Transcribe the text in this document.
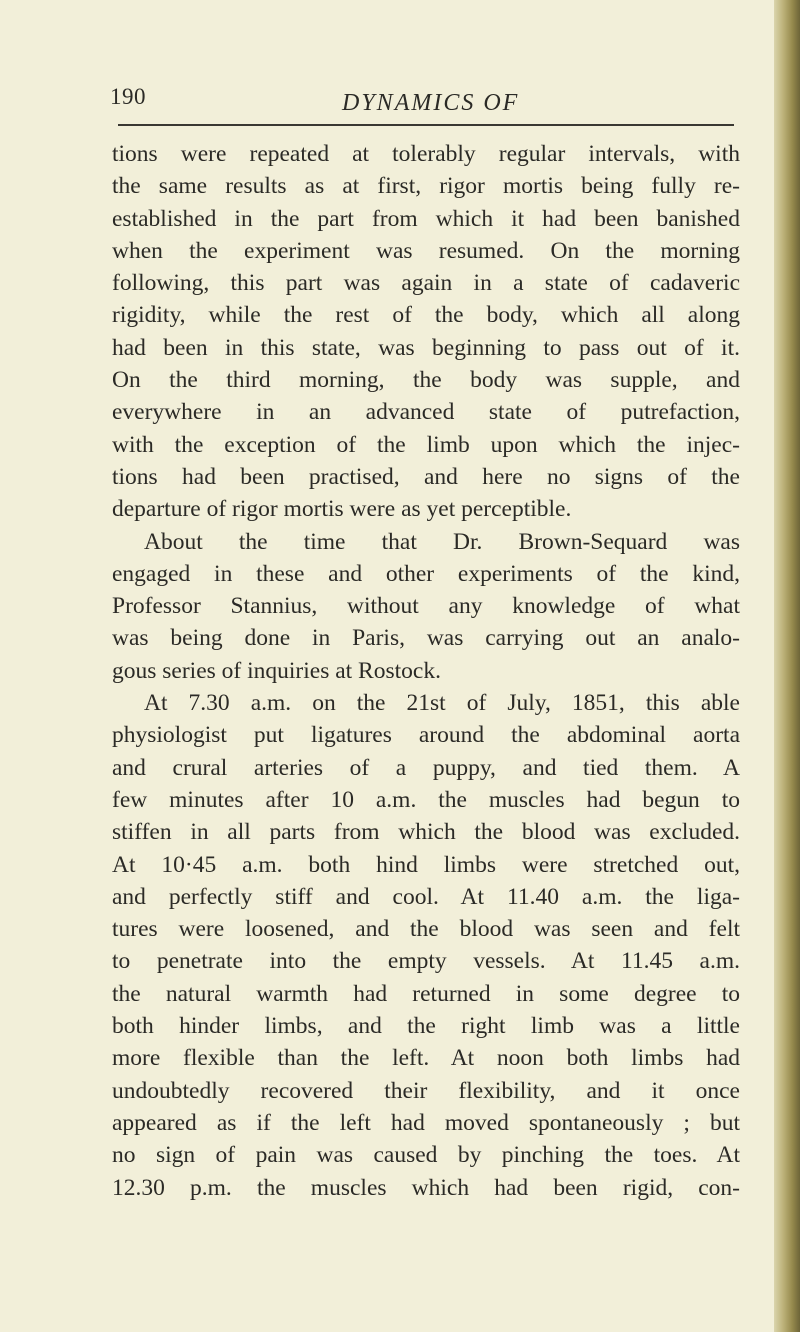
190	DYNAMICS OF
tions were repeated at tolerably regular intervals, with
the same results as at first, rigor mortis being fully re-
established in the part from which it had been banished
when the experiment was resumed. On the morning
following, this part was again in a state of cadaveric
rigidity, while the rest of the body, which all along
had been in this state, was beginning to pass out of it.
On the third morning, the body was supple, and
everywhere in an advanced state of putrefaction,
with the exception of the limb upon which the injec-
tions had been practised, and here no signs of the
departure of rigor mortis were as yet perceptible.
About the time that Dr. Brown-Sequard was
engaged in these and other experiments of the kind,
Professor Stannius, without any knowledge of what
was being done in Paris, was carrying out an analo-
gous series of inquiries at Rostock.
At 7.30 a.m. on the 21st of July, 1851, this able
physiologist put ligatures around the abdominal aorta
and crural arteries of a puppy, and tied them. A
few minutes after 10 a.m. the muscles had begun to
stiffen in all parts from which the blood was excluded.
At 10·45 a.m. both hind limbs were stretched out,
and perfectly stiff and cool. At 11.40 a.m. the liga-
tures were loosened, and the blood was seen and felt
to penetrate into the empty vessels. At 11.45 a.m.
the natural warmth had returned in some degree to
both hinder limbs, and the right limb was a little
more flexible than the left. At noon both limbs had
undoubtedly recovered their flexibility, and it once
appeared as if the left had moved spontaneously ; but
no sign of pain was caused by pinching the toes. At
12.30 p.m. the muscles which had been rigid, con-
